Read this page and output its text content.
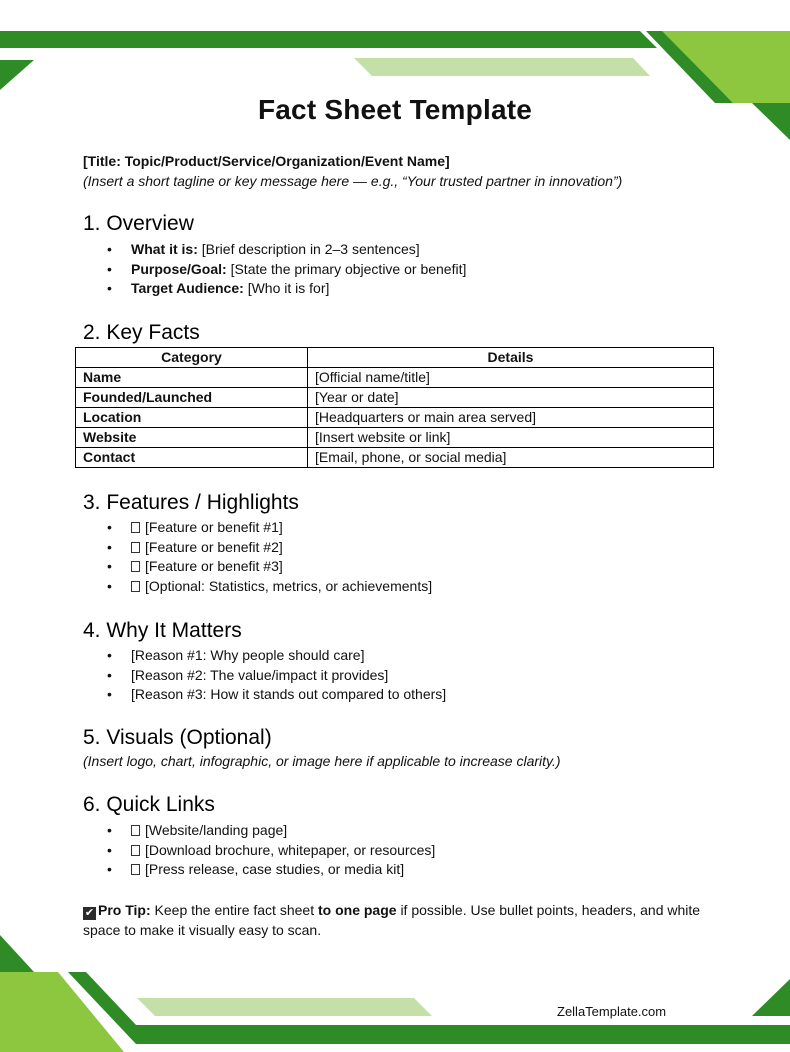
Fact Sheet Template
[Title: Topic/Product/Service/Organization/Event Name]
(Insert a short tagline or key message here — e.g., “Your trusted partner in innovation”)
1. Overview
• What it is: [Brief description in 2–3 sentences]
• Purpose/Goal: [State the primary objective or benefit]
• Target Audience: [Who it is for]
2. Key Facts
Category	Details
Name	[Official name/title]
Founded/Launched	[Year or date]
Location	[Headquarters or main area served]
Website	[Insert website or link]
Contact	[Email, phone, or social media]
3. Features / Highlights
• [Feature or benefit #1]
• [Feature or benefit #2]
• [Feature or benefit #3]
• [Optional: Statistics, metrics, or achievements]
4. Why It Matters
• [Reason #1: Why people should care]
• [Reason #2: The value/impact it provides]
• [Reason #3: How it stands out compared to others]
5. Visuals (Optional)
(Insert logo, chart, infographic, or image here if applicable to increase clarity.)
6. Quick Links
• [Website/landing page]
• [Download brochure, whitepaper, or resources]
• [Press release, case studies, or media kit]
✔ Pro Tip: Keep the entire fact sheet to one page if possible. Use bullet points, headers, and white space to make it visually easy to scan.
ZellaTemplate.com
